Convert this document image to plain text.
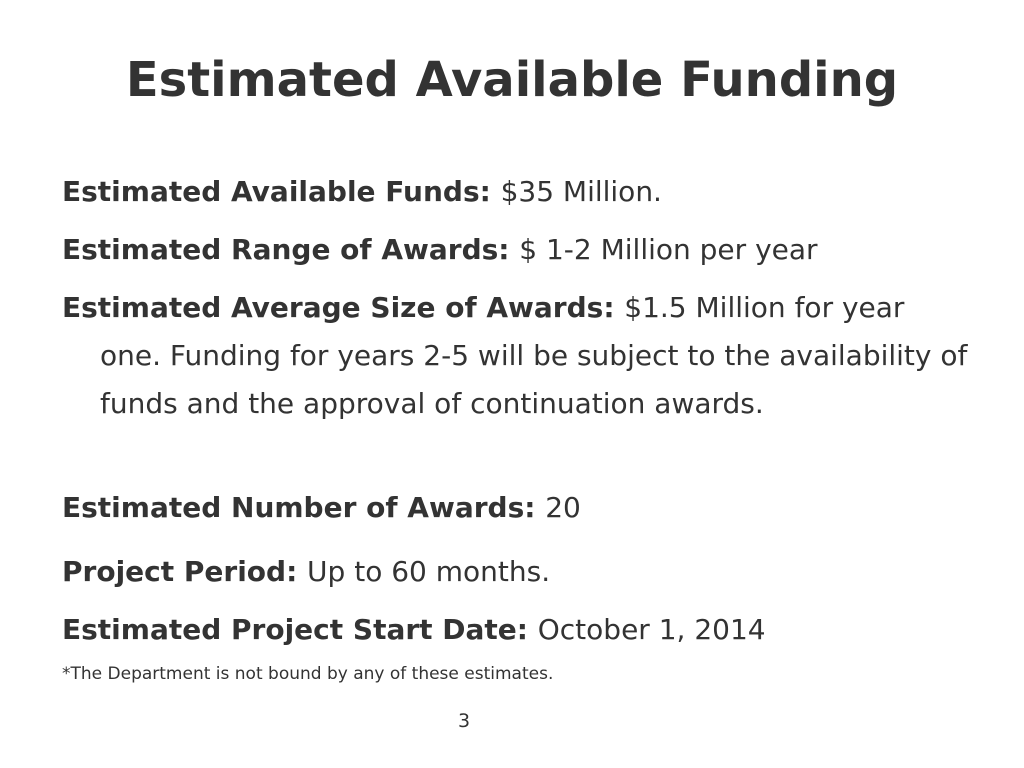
Estimated Available Funding
Estimated Available Funds: $35 Million.
Estimated Range of Awards: $ 1-2 Million per year
Estimated Average Size of Awards: $1.5 Million for year one. Funding for years 2-5 will be subject to the availability of funds and the approval of continuation awards.
Estimated Number of Awards: 20
Project Period: Up to 60 months.
Estimated Project Start Date: October 1, 2014
*The Department is not bound by any of these estimates.
3
